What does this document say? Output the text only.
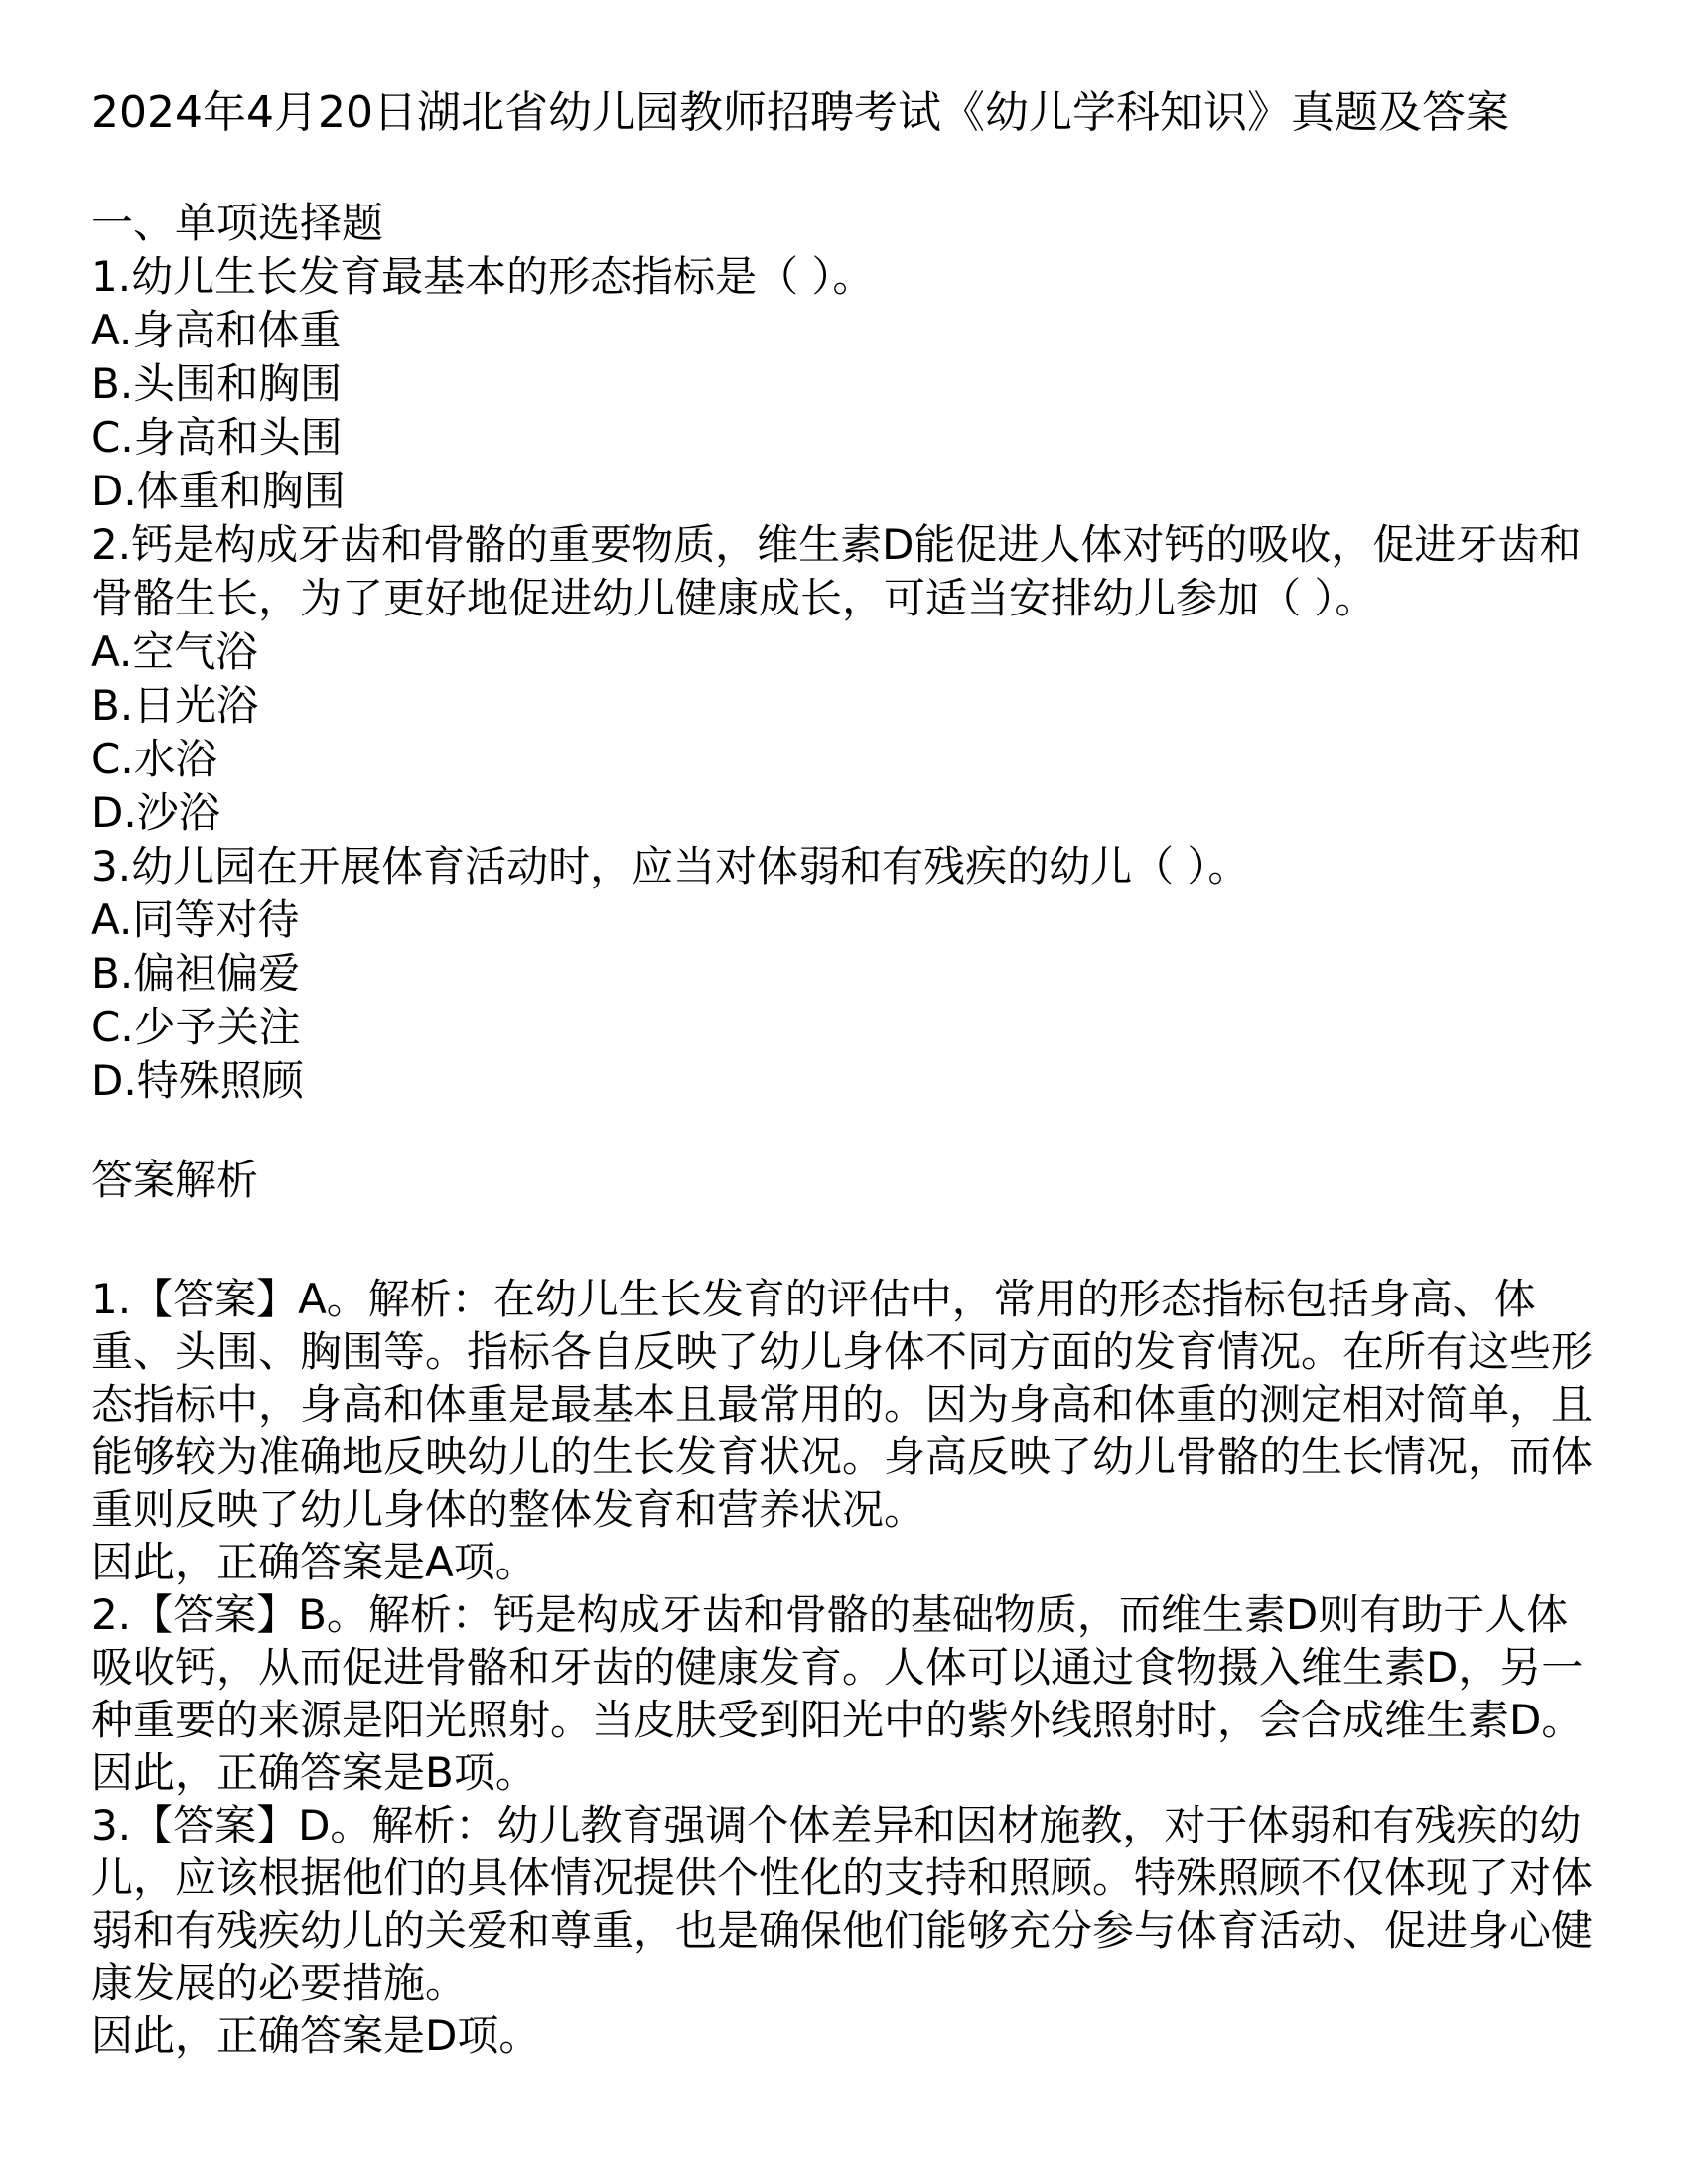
2024年4月20日湖北省幼儿园教师招聘考试《幼儿学科知识》真题及答案
一、单项选择题

1.幼儿生长发育最基本的形态指标是（ ）。

A.身高和体重

B.头围和胸围

C.身高和头围

D.体重和胸围

2.钙是构成牙齿和骨骼的重要物质，维生素D能促进人体对钙的吸收，促进牙齿和骨骼生长，为了更好地促进幼儿健康成长，可适当安排幼儿参加（ ）。

A.空气浴

B.日光浴

C.水浴

D.沙浴

3.幼儿园在开展体育活动时，应当对体弱和有残疾的幼儿（ ）。

A.同等对待

B.偏袒偏爱

C.少予关注

D.特殊照顾

答案解析

1.【答案】A。解析：在幼儿生长发育的评估中，常用的形态指标包括身高、体重、头围、胸围等。指标各自反映了幼儿身体不同方面的发育情况。在所有这些形态指标中，身高和体重是最基本且最常用的。因为身高和体重的测定相对简单，且能够较为准确地反映幼儿的生长发育状况。身高反映了幼儿骨骼的生长情况，而体重则反映了幼儿身体的整体发育和营养状况。

因此，正确答案是A项。

2.【答案】B。解析：钙是构成牙齿和骨骼的基础物质，而维生素D则有助于人体吸收钙，从而促进骨骼和牙齿的健康发育。人体可以通过食物摄入维生素D，另一种重要的来源是阳光照射。当皮肤受到阳光中的紫外线照射时，会合成维生素D。

因此，正确答案是B项。

3.【答案】D。解析：幼儿教育强调个体差异和因材施教，对于体弱和有残疾的幼儿，应该根据他们的具体情况提供个性化的支持和照顾。特殊照顾不仅体现了对体弱和有残疾幼儿的关爱和尊重，也是确保他们能够充分参与体育活动、促进身心健康发展的必要措施。

因此，正确答案是D项。
